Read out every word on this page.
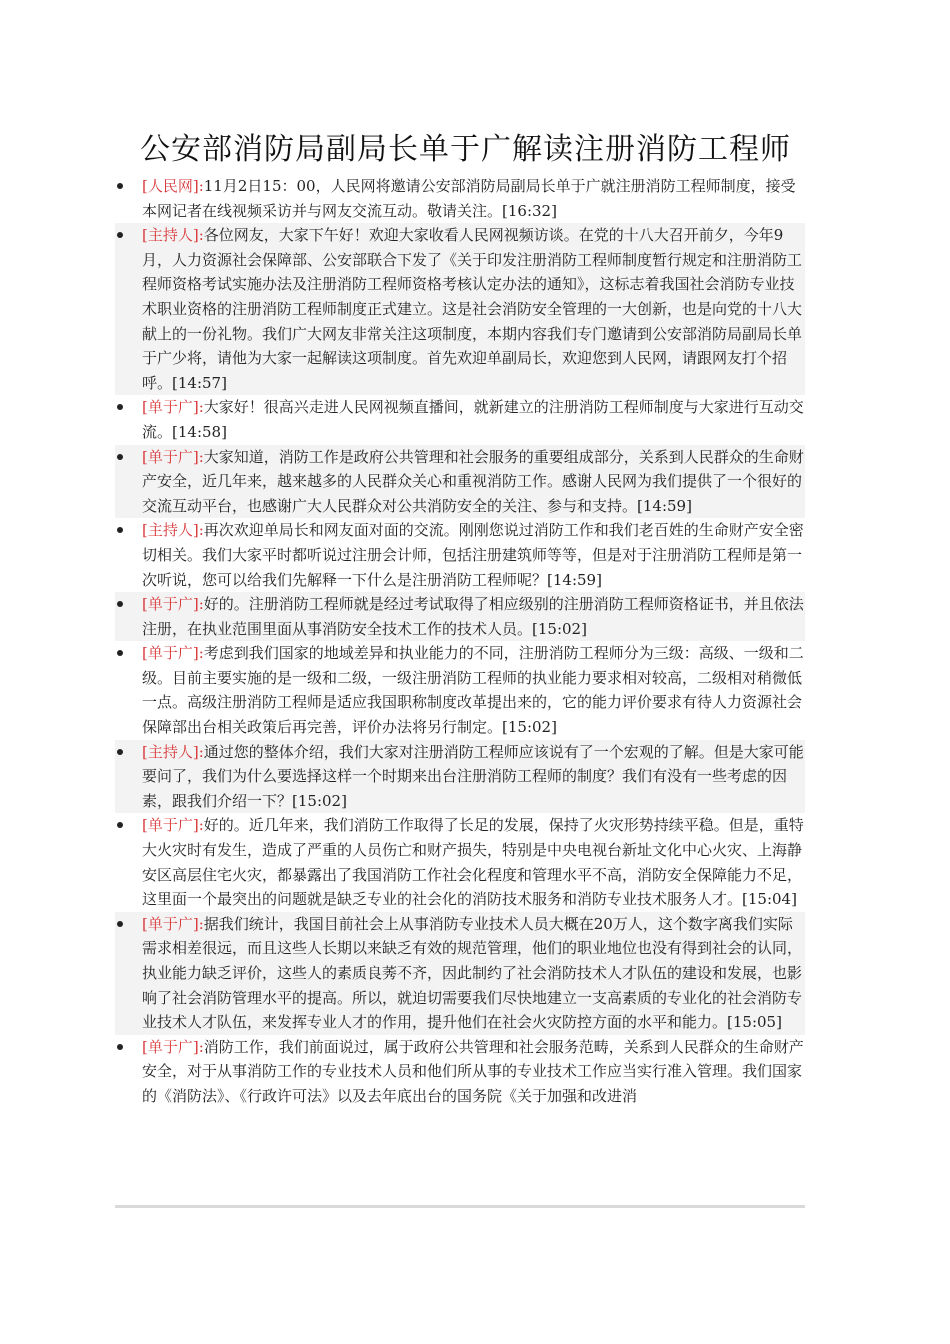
公安部消防局副局长单于广解读注册消防工程师
[人民网]:11月2日15：00，人民网将邀请公安部消防局副局长单于广就注册消防工程师制度，接受本网记者在线视频采访并与网友交流互动。敬请关注。[16:32]
[主持人]:各位网友，大家下午好！欢迎大家收看人民网视频访谈。在党的十八大召开前夕，今年9月，人力资源社会保障部、公安部联合下发了《关于印发注册消防工程师制度暂行规定和注册消防工程师资格考试实施办法及注册消防工程师资格考核认定办法的通知》，这标志着我国社会消防专业技术职业资格的注册消防工程师制度正式建立。这是社会消防安全管理的一大创新，也是向党的十八大献上的一份礼物。我们广大网友非常关注这项制度，本期内容我们专门邀请到公安部消防局副局长单于广少将，请他为大家一起解读这项制度。首先欢迎单副局长，欢迎您到人民网，请跟网友打个招呼。[14:57]
[单于广]:大家好！很高兴走进人民网视频直播间，就新建立的注册消防工程师制度与大家进行互动交流。[14:58]
[单于广]:大家知道，消防工作是政府公共管理和社会服务的重要组成部分，关系到人民群众的生命财产安全，近几年来，越来越多的人民群众关心和重视消防工作。感谢人民网为我们提供了一个很好的交流互动平台，也感谢广大人民群众对公共消防安全的关注、参与和支持。[14:59]
[主持人]:再次欢迎单局长和网友面对面的交流。刚刚您说过消防工作和我们老百姓的生命财产安全密切相关。我们大家平时都听说过注册会计师，包括注册建筑师等等，但是对于注册消防工程师是第一次听说，您可以给我们先解释一下什么是注册消防工程师呢？[14:59]
[单于广]:好的。注册消防工程师就是经过考试取得了相应级别的注册消防工程师资格证书，并且依法注册，在执业范围里面从事消防安全技术工作的技术人员。[15:02]
[单于广]:考虑到我们国家的地域差异和执业能力的不同，注册消防工程师分为三级：高级、一级和二级。目前主要实施的是一级和二级，一级注册消防工程师的执业能力要求相对较高，二级相对稍微低一点。高级注册消防工程师是适应我国职称制度改革提出来的，它的能力评价要求有待人力资源社会保障部出台相关政策后再完善，评价办法将另行制定。[15:02]
[主持人]:通过您的整体介绍，我们大家对注册消防工程师应该说有了一个宏观的了解。但是大家可能要问了，我们为什么要选择这样一个时期来出台注册消防工程师的制度？我们有没有一些考虑的因素，跟我们介绍一下？[15:02]
[单于广]:好的。近几年来，我们消防工作取得了长足的发展，保持了火灾形势持续平稳。但是，重特大火灾时有发生，造成了严重的人员伤亡和财产损失，特别是中央电视台新址文化中心火灾、上海静安区高层住宅火灾，都暴露出了我国消防工作社会化程度和管理水平不高，消防安全保障能力不足，这里面一个最突出的问题就是缺乏专业的社会化的消防技术服务和消防专业技术服务人才。[15:04]
[单于广]:据我们统计，我国目前社会上从事消防专业技术人员大概在20万人，这个数字离我们实际需求相差很远，而且这些人长期以来缺乏有效的规范管理，他们的职业地位也没有得到社会的认同，执业能力缺乏评价，这些人的素质良莠不齐，因此制约了社会消防技术人才队伍的建设和发展，也影响了社会消防管理水平的提高。所以，就迫切需要我们尽快地建立一支高素质的专业化的社会消防专业技术人才队伍，来发挥专业人才的作用，提升他们在社会火灾防控方面的水平和能力。[15:05]
[单于广]:消防工作，我们前面说过，属于政府公共管理和社会服务范畴，关系到人民群众的生命财产安全，对于从事消防工作的专业技术人员和他们所从事的专业技术工作应当实行准入管理。我们国家的《消防法》、《行政许可法》以及去年底出台的国务院《关于加强和改进消
